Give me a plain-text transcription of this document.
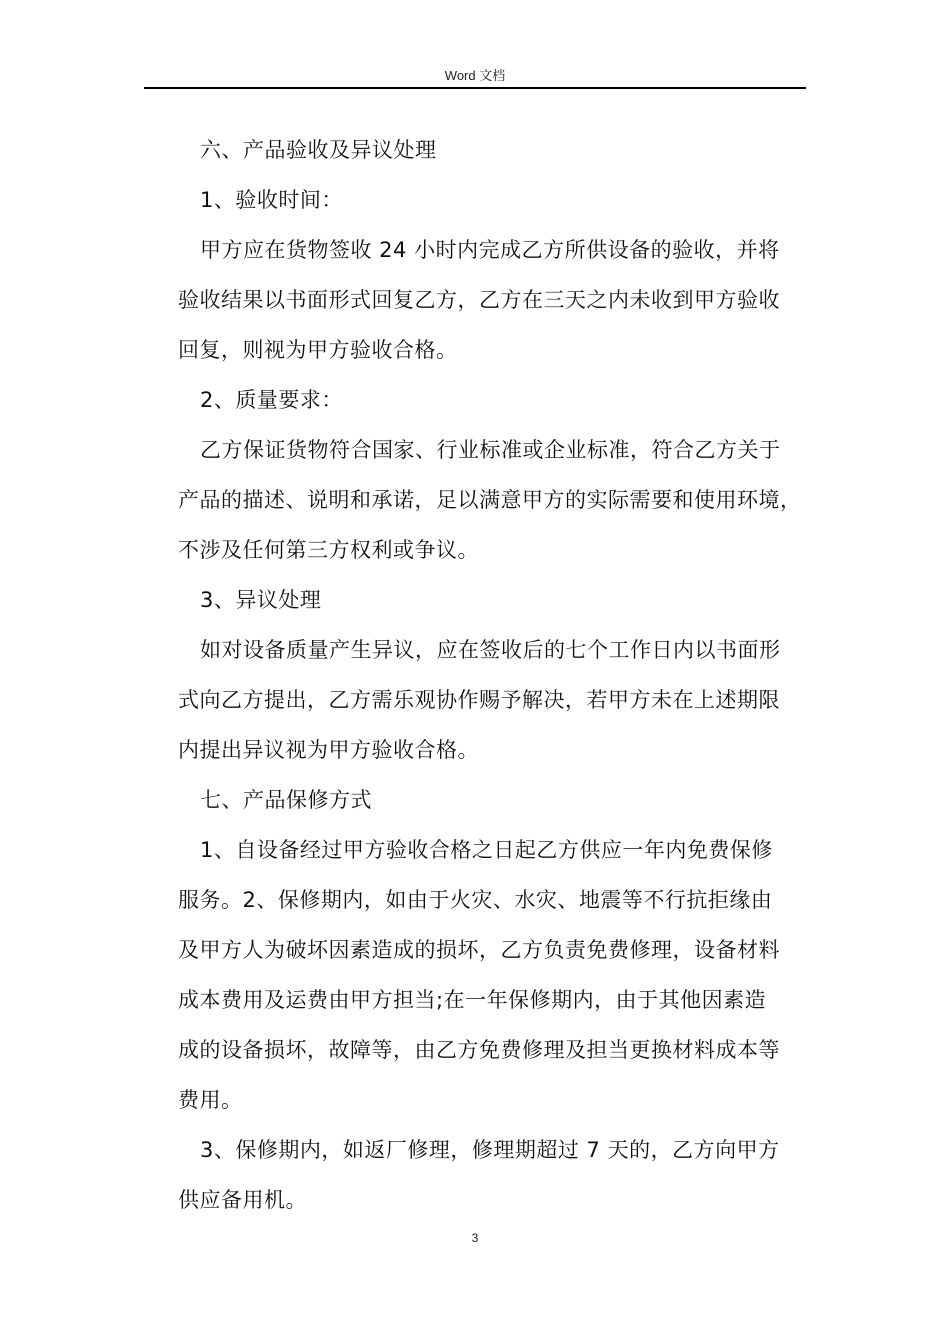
Word 文档
六、产品验收及异议处理
1、验收时间：
甲方应在货物签收 24 小时内完成乙方所供设备的验收，并将
验收结果以书面形式回复乙方，乙方在三天之内未收到甲方验收
回复，则视为甲方验收合格。
2、质量要求：
乙方保证货物符合国家、行业标准或企业标准，符合乙方关于
产品的描述、说明和承诺，足以满意甲方的实际需要和使用环境，
不涉及任何第三方权利或争议。
3、异议处理
如对设备质量产生异议，应在签收后的七个工作日内以书面形
式向乙方提出，乙方需乐观协作赐予解决，若甲方未在上述期限
内提出异议视为甲方验收合格。
七、产品保修方式
1、自设备经过甲方验收合格之日起乙方供应一年内免费保修
服务。2、保修期内，如由于火灾、水灾、地震等不行抗拒缘由
及甲方人为破坏因素造成的损坏，乙方负责免费修理，设备材料
成本费用及运费由甲方担当;在一年保修期内，由于其他因素造
成的设备损坏，故障等，由乙方免费修理及担当更换材料成本等
费用。
3、保修期内，如返厂修理，修理期超过 7 天的，乙方向甲方
供应备用机。
3
